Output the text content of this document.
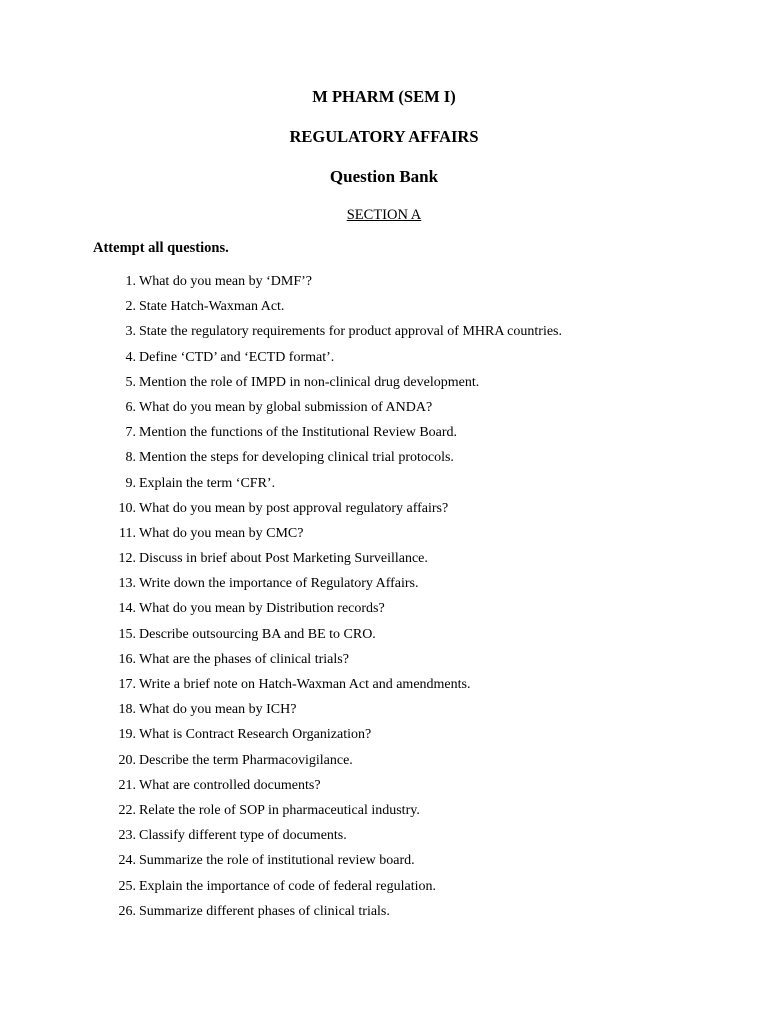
M PHARM (SEM I)
REGULATORY AFFAIRS
Question Bank
SECTION A
Attempt all questions.
1. What do you mean by ‘DMF’?
2. State Hatch-Waxman Act.
3. State the regulatory requirements for product approval of MHRA countries.
4. Define ‘CTD’ and ‘ECTD format’.
5. Mention the role of IMPD in non-clinical drug development.
6. What do you mean by global submission of ANDA?
7. Mention the functions of the Institutional Review Board.
8. Mention the steps for developing clinical trial protocols.
9. Explain the term ‘CFR’.
10. What do you mean by post approval regulatory affairs?
11. What do you mean by CMC?
12. Discuss in brief about Post Marketing Surveillance.
13. Write down the importance of Regulatory Affairs.
14. What do you mean by Distribution records?
15. Describe outsourcing BA and BE to CRO.
16. What are the phases of clinical trials?
17. Write a brief note on Hatch-Waxman Act and amendments.
18. What do you mean by ICH?
19. What is Contract Research Organization?
20. Describe the term Pharmacovigilance.
21. What are controlled documents?
22. Relate the role of SOP in pharmaceutical industry.
23. Classify different type of documents.
24. Summarize the role of institutional review board.
25. Explain the importance of code of federal regulation.
26. Summarize different phases of clinical trials.
